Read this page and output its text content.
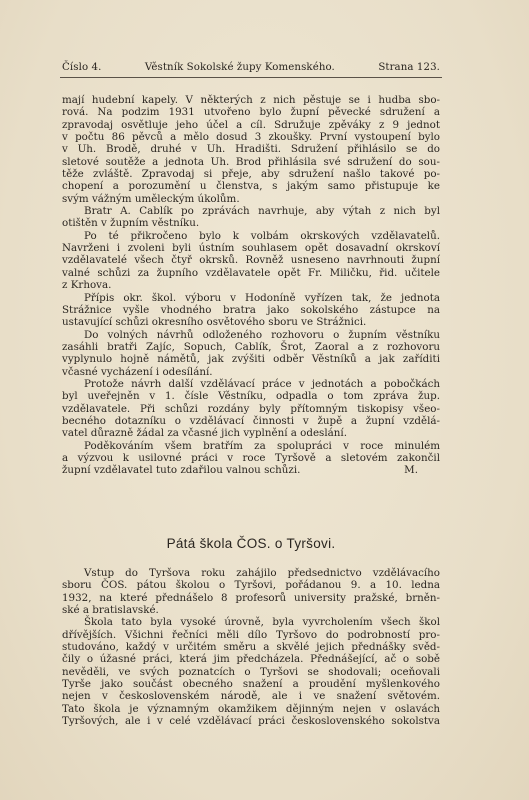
Číslo 4.	Věstník Sokolské župy Komenského.	Strana 123.

mají hudební kapely. V některých z nich pěstuje se i hudba sbo-

rová. Na podzim 1931 utvořeno bylo župní pěvecké sdružení a

zpravodaj osvětluje jeho účel a cíl. Sdružuje zpěváky z 9 jednot

v počtu 86 pěvců a mělo dosud 3 zkoušky. První vystoupení bylo

v Uh. Brodě, druhé v Uh. Hradišti. Sdružení přihlásilo se do

sletové soutěže a jednota Uh. Brod přihlásila své sdružení do sou-

těže zvláště. Zpravodaj si přeje, aby sdružení našlo takové po-

chopení a porozumění u členstva, s jakým samo přistupuje ke

svým vážným uměleckým úkolům.

Bratr A. Cablík po zprávách navrhuje, aby výtah z nich byl

otištěn v župním věstníku.

Po té přikročeno bylo k volbám okrskových vzdělavatelů.

Navrženi i zvoleni byli ústním souhlasem opět dosavadní okrskoví

vzdělavatelé všech čtyř okrsků. Rovněž usneseno navrhnouti župní

valné schůzi za župního vzdělavatele opět Fr. Miličku, řid. učitele

z Krhova.

Přípis okr. škol. výboru v Hodoníně vyřízen tak, že jednota

Strážnice vyšle vhodného bratra jako sokolského zástupce na

ustavující schůzi okresního osvětového sboru ve Strážnici.

Do volných návrhů odloženého rozhovoru o župním věstníku

zasáhli bratři Zajíc, Sopuch, Cablík, Šrot, Zaoral a z rozhovoru

vyplynulo hojně námětů, jak zvýšiti odběr Věstníků a jak zaříditi

včasné vycházení i odesílání.

Protože návrh další vzdělávací práce v jednotách a pobočkách

byl uveřejněn v 1. čísle Věstníku, odpadla o tom zpráva žup.

vzdělavatele. Při schůzi rozdány byly přítomným tiskopisy všeo-

becného dotazníku o vzdělávací činnosti v župě a župní vzdělá-

vatel důrazně žádal za včasné jich vyplnění a odeslání.

Poděkováním všem bratřím za spolupráci v roce minulém

a výzvou k usilovné práci v roce Tyršově a sletovém zakončil

župní vzdělavatel tuto zdařilou valnou schůzi.	M.
Pátá škola ČOS. o Tyršovi.

Vstup do Tyršova roku zahájilo předsednictvo vzdělávacího

sboru ČOS. pátou školou o Tyršovi, pořádanou 9. a 10. ledna

1932, na které přednášelo 8 profesorů university pražské, brněn-

ské a bratislavské.

Škola tato byla vysoké úrovně, byla vyvrcholením všech škol

dřívějších. Všichni řečníci měli dílo Tyršovo do podrobností pro-

studováno, každý v určitém směru a skvělé jejich přednášky svěd-

čily o úžasné práci, která jim předcházela. Přednášející, ač o sobě

nevěděli, ve svých poznatcích o Tyršovi se shodovali; oceňovali

Tyrše jako součást obecného snažení a proudění myšlenkového

nejen v československém národě, ale i ve snažení světovém.

Tato škola je významným okamžikem dějinným nejen v oslavách

Tyršových, ale i v celé vzdělávací práci československého sokolstva
